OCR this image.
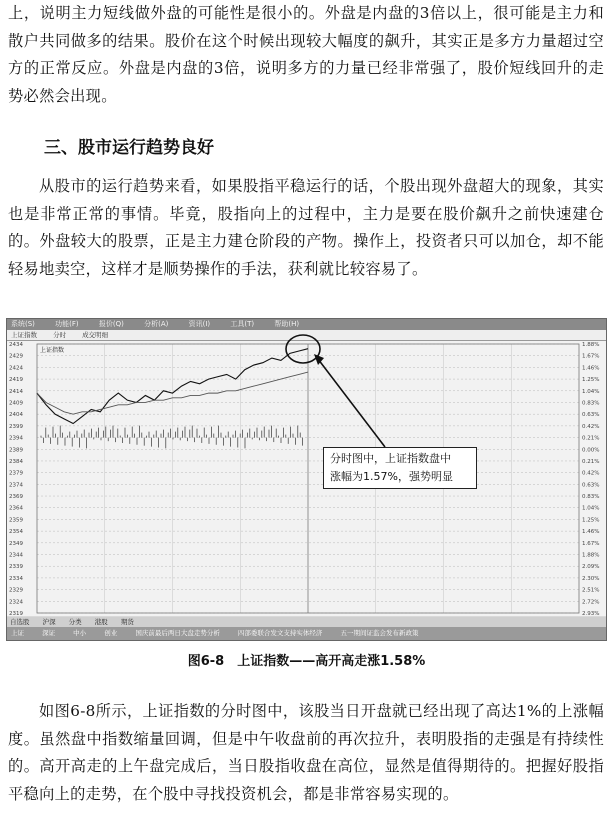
上，说明主力短线做外盘的可能性是很小的。外盘是内盘的3倍以上，很可能是主力和散户共同做多的结果。股价在这个时候出现较大幅度的飙升，其实正是多方力量超过空方的正常反应。外盘是内盘的3倍，说明多方的力量已经非常强了，股价短线回升的走势必然会出现。

三、股市运行趋势良好

从股市的运行趋势来看，如果股指平稳运行的话，个股出现外盘超大的现象，其实也是非常正常的事情。毕竟，股指向上的过程中，主力是要在股价飙升之前快速建仓的。外盘较大的股票，正是主力建仓阶段的产物。操作上，投资者只可以加仓，却不能轻易地卖空，这样才是顺势操作的手法，获利就比较容易了。

系统(S)	功能(F)	报价(Q)	分析(A)	资讯(I)	工具(T)	帮助(H)
上证指数 分时 成交明细
2434	1.88%
2429	1.67%
2424	1.46%
2419	1.25%
2414	1.04%
2409	0.83%
2404	0.63%
2399	0.42%
2394	0.21%
2389	0.00%
2384	0.21%
2379	0.42%
2374	0.63%
2369	0.83%
2364	1.04%
2359	1.25%
2354	1.46%
2349	1.67%
2344	1.88%
2339	2.09%
2334	2.30%
2329	2.51%
2324	2.72%
2319	2.93%
上证指数
自选股 沪深 分类 港股 期货
上证	深证	中小	创业	国庆前最后两日大盘走势分析	四部委联合发文支持实体经济	五一期间证监会发布新政策
分时图中，上证指数盘中
涨幅为1.57%，强势明显

图6-8　上证指数——高开高走涨1.58%

如图6-8所示，上证指数的分时图中，该股当日开盘就已经出现了高达1%的上涨幅度。虽然盘中指数缩量回调，但是中午收盘前的再次拉升，表明股指的走强是有持续性的。高开高走的上午盘完成后，当日股指收盘在高位，显然是值得期待的。把握好股指平稳向上的走势，在个股中寻找投资机会，都是非常容易实现的。
